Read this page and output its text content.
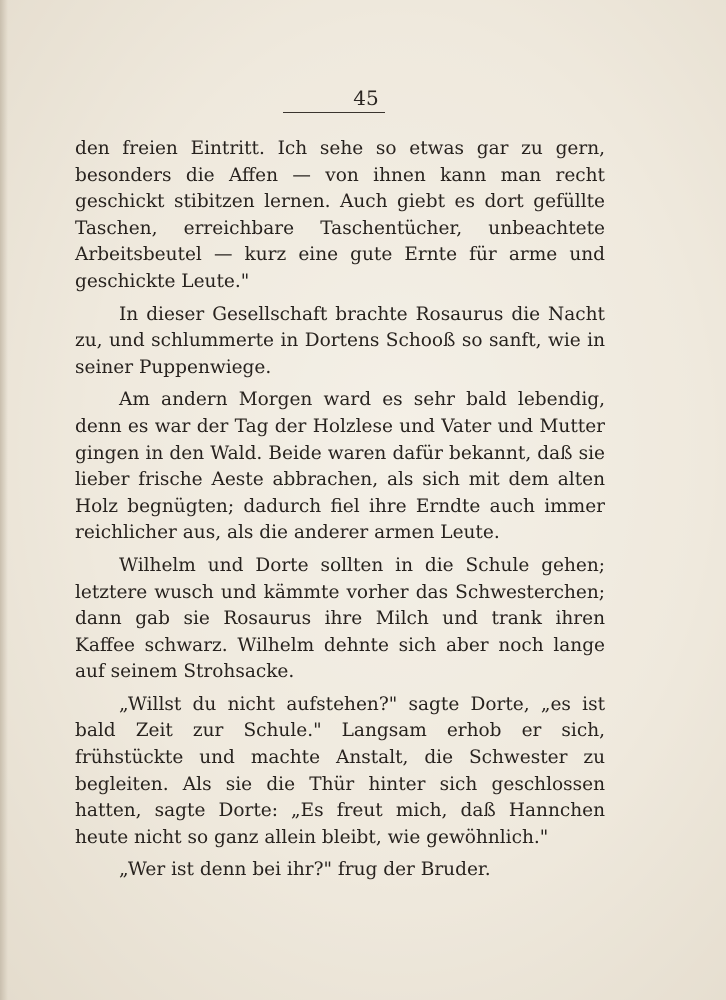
45

den freien Eintritt. Ich sehe so etwas gar zu gern, besonders die Affen — von ihnen kann man recht geschickt stibitzen lernen. Auch giebt es dort gefüllte Taschen, erreichbare Taschentücher, unbeachtete Arbeitsbeutel — kurz eine gute Ernte für arme und geschickte Leute."

In dieser Gesellschaft brachte Rosaurus die Nacht zu, und schlummerte in Dortens Schooß so sanft, wie in seiner Puppenwiege.

Am andern Morgen ward es sehr bald lebendig, denn es war der Tag der Holzlese und Vater und Mutter gingen in den Wald. Beide waren dafür bekannt, daß sie lieber frische Aeste abbrachen, als sich mit dem alten Holz begnügten; dadurch fiel ihre Erndte auch immer reichlicher aus, als die anderer armen Leute.

Wilhelm und Dorte sollten in die Schule gehen; letztere wusch und kämmte vorher das Schwesterchen; dann gab sie Rosaurus ihre Milch und trank ihren Kaffee schwarz. Wilhelm dehnte sich aber noch lange auf seinem Strohsacke.

„Willst du nicht aufstehen?" sagte Dorte, „es ist bald Zeit zur Schule." Langsam erhob er sich, frühstückte und machte Anstalt, die Schwester zu begleiten. Als sie die Thür hinter sich geschlossen hatten, sagte Dorte: „Es freut mich, daß Hannchen heute nicht so ganz allein bleibt, wie gewöhnlich."

„Wer ist denn bei ihr?" frug der Bruder.
